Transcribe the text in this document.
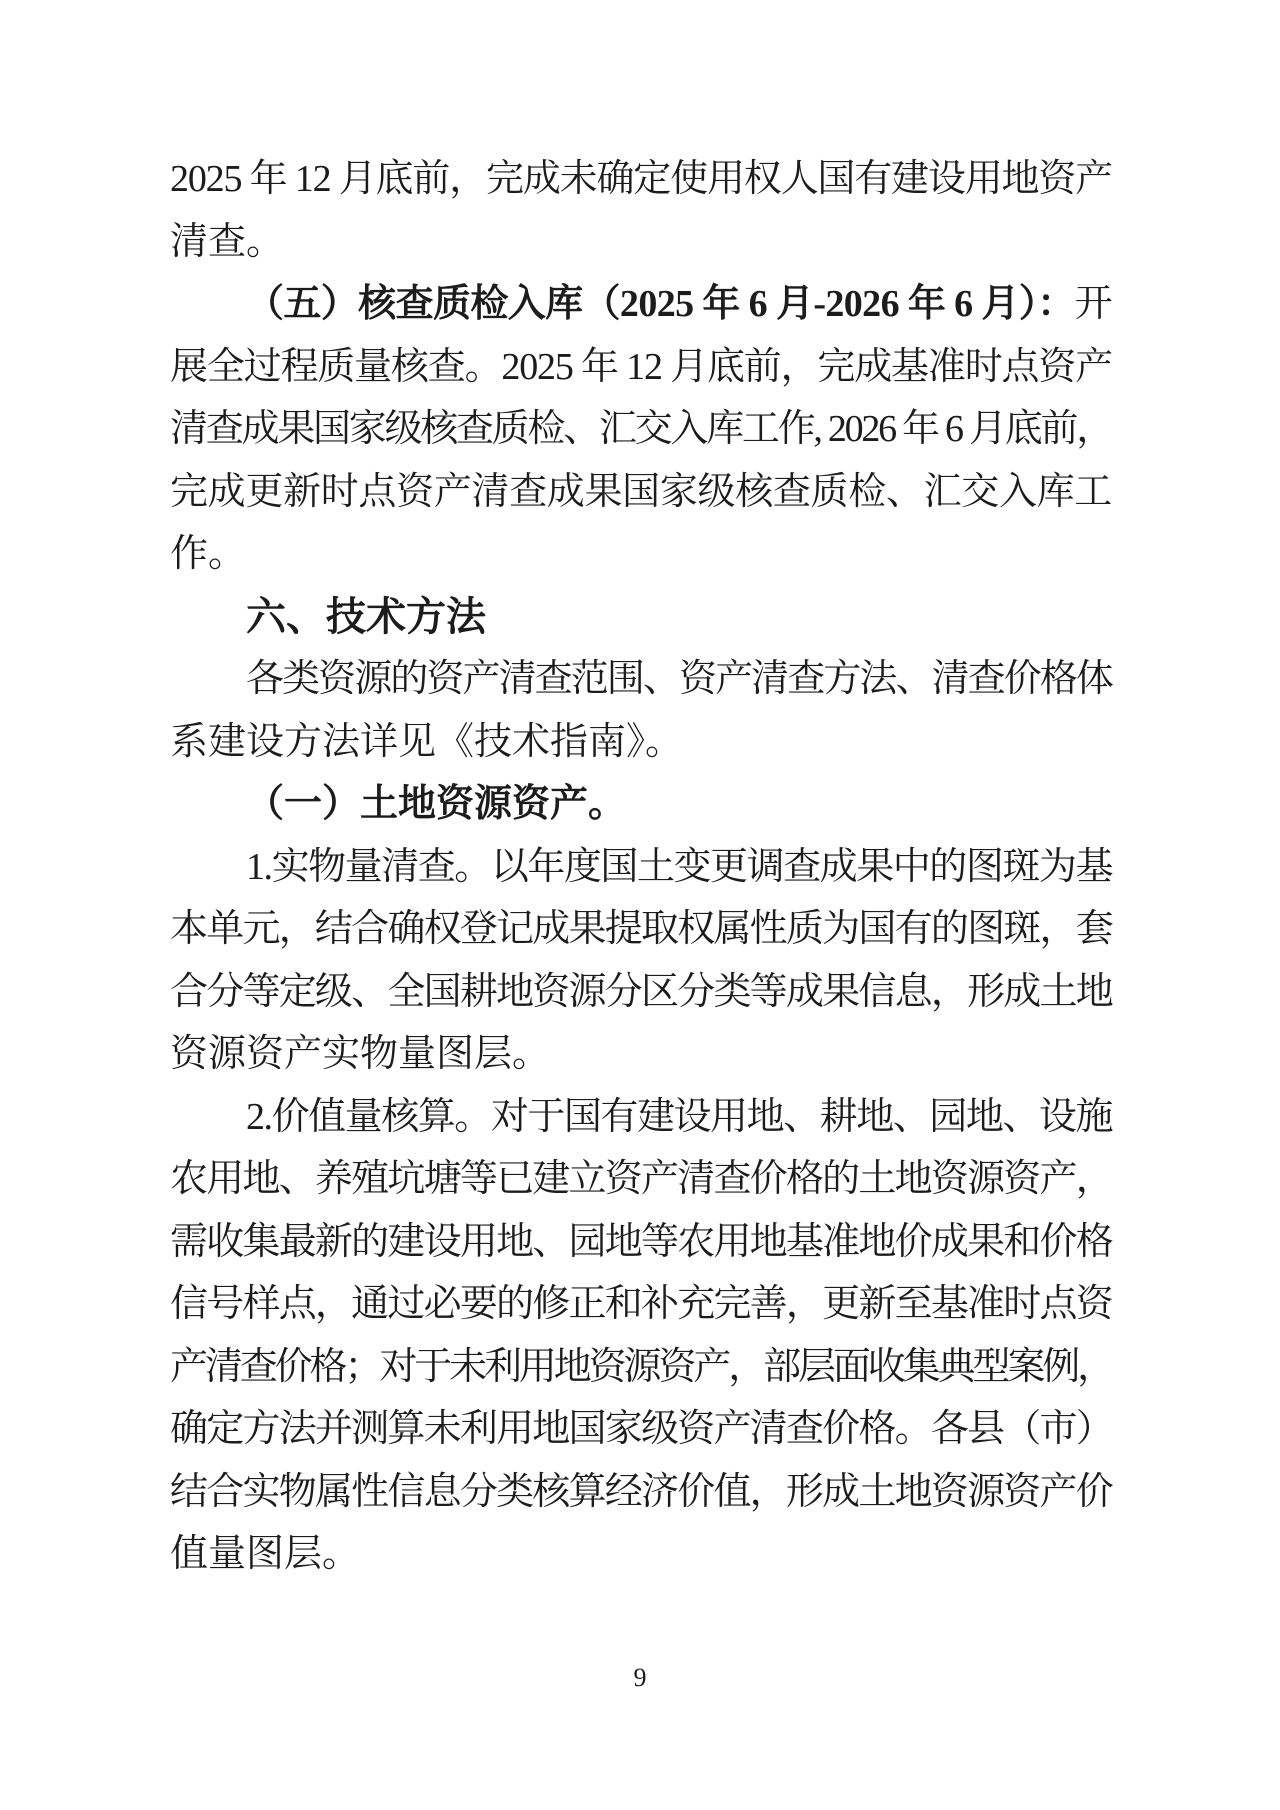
2025 年 12 月底前，完成未确定使用权人国有建设用地资产
清查。
（五）核查质检入库（2025 年 6 月-2026 年 6 月）：开
展全过程质量核查。2025 年 12 月底前，完成基准时点资产
清查成果国家级核查质检、汇交入库工作, 2026 年 6 月底前，
完成更新时点资产清查成果国家级核查质检、汇交入库工
作。
六、技术方法
各类资源的资产清查范围、资产清查方法、清查价格体
系建设方法详见《技术指南》。
（一）土地资源资产。
1.实物量清查。以年度国土变更调查成果中的图斑为基
本单元，结合确权登记成果提取权属性质为国有的图斑，套
合分等定级、全国耕地资源分区分类等成果信息，形成土地
资源资产实物量图层。
2.价值量核算。对于国有建设用地、耕地、园地、设施
农用地、养殖坑塘等已建立资产清查价格的土地资源资产，
需收集最新的建设用地、园地等农用地基准地价成果和价格
信号样点，通过必要的修正和补充完善，更新至基准时点资
产清查价格；对于未利用地资源资产，部层面收集典型案例，
确定方法并测算未利用地国家级资产清查价格。各县（市）
结合实物属性信息分类核算经济价值，形成土地资源资产价
值量图层。
9
